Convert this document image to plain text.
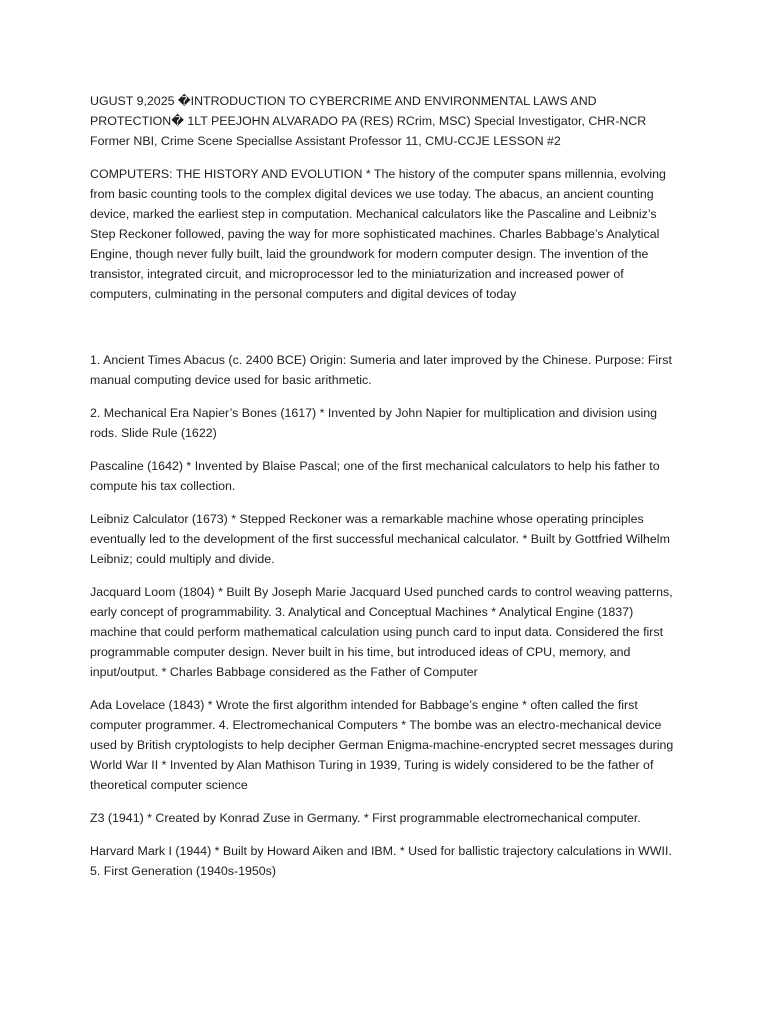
UGUST 9,2025 �INTRODUCTION TO CYBERCRIME AND ENVIRONMENTAL LAWS AND PROTECTION� 1LT PEEJOHN ALVARADO PA (RES) RCrim, MSC) Special Investigator, CHR-NCR Former NBI, Crime Scene Speciallse Assistant Professor 11, CMU-CCJE LESSON #2

COMPUTERS: THE HISTORY AND EVOLUTION * The history of the computer spans millennia, evolving from basic counting tools to the complex digital devices we use today. The abacus, an ancient counting device, marked the earliest step in computation. Mechanical calculators like the Pascaline and Leibniz’s Step Reckoner followed, paving the way for more sophisticated machines. Charles Babbage’s Analytical Engine, though never fully built, laid the groundwork for modern computer design. The invention of the transistor, integrated circuit, and microprocessor led to the miniaturization and increased power of computers, culminating in the personal computers and digital devices of today

1. Ancient Times Abacus (c. 2400 BCE) Origin: Sumeria and later improved by the Chinese. Purpose: First manual computing device used for basic arithmetic.

2. Mechanical Era Napier’s Bones (1617) * Invented by John Napier for multiplication and division using rods. Slide Rule (1622)

Pascaline (1642) * Invented by Blaise Pascal; one of the first mechanical calculators to help his father to compute his tax collection.

Leibniz Calculator (1673) * Stepped Reckoner was a remarkable machine whose operating principles eventually led to the development of the first successful mechanical calculator. * Built by Gottfried Wilhelm Leibniz; could multiply and divide.

Jacquard Loom (1804) * Built By Joseph Marie Jacquard Used punched cards to control weaving patterns, early concept of programmability. 3. Analytical and Conceptual Machines * Analytical Engine (1837) machine that could perform mathematical calculation using punch card to input data. Considered the first programmable computer design. Never built in his time, but introduced ideas of CPU, memory, and input/output. * Charles Babbage considered as the Father of Computer

Ada Lovelace (1843) * Wrote the first algorithm intended for Babbage’s engine * often called the first computer programmer. 4. Electromechanical Computers * The bombe was an electro-mechanical device used by British cryptologists to help decipher German Enigma-machine-encrypted secret messages during World War II * Invented by Alan Mathison Turing in 1939, Turing is widely considered to be the father of theoretical computer science

Z3 (1941) * Created by Konrad Zuse in Germany. * First programmable electromechanical computer.

Harvard Mark I (1944) * Built by Howard Aiken and IBM. * Used for ballistic trajectory calculations in WWII. 5. First Generation (1940s-1950s)
